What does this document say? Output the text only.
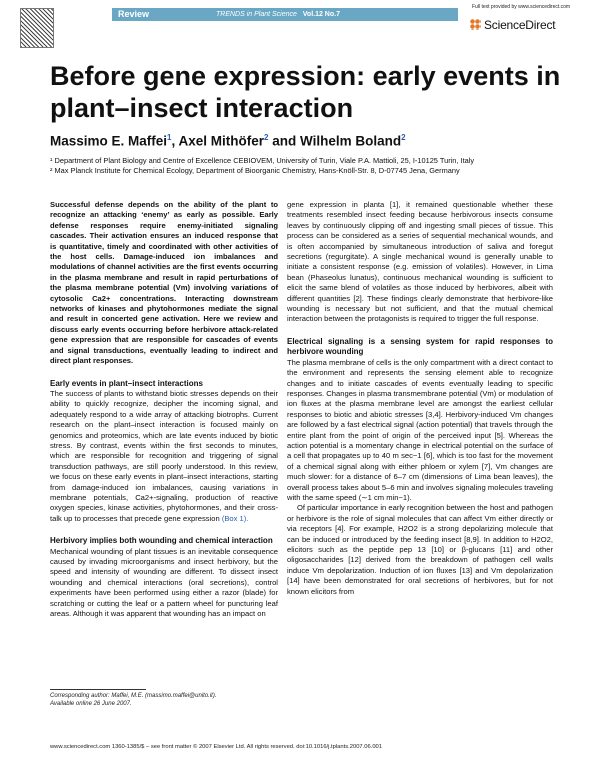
Review	TRENDS in Plant Science Vol.12 No.7
Full text provided by www.sciencedirect.com
ScienceDirect
Before gene expression: early events in
plant–insect interaction
Massimo E. Maffei$^1$, Axel Mithöfer$^2$ and Wilhelm Boland$^2$
¹ Department of Plant Biology and Centre of Excellence CEBIOVEM, University of Turin, Viale P.A. Mattioli, 25, I-10125 Turin, Italy
² Max Planck Institute for Chemical Ecology, Department of Bioorganic Chemistry, Hans-Knöll-Str. 8, D-07745 Jena, Germany

Successful defense depends on the ability of the plant to recognize an attacking ‘enemy’ as early as possible. Early defense responses require enemy-initiated signaling cascades. Their activation ensures an induced response that is quantitative, timely and coordinated with other activities of the host cells. Damage-induced ion imbalances and modulations of channel activities are the first events occurring in the plasma membrane and result in rapid perturbations of the plasma membrane potential (Vm) involving variations of cytosolic Ca2+ concentrations. Interacting downstream networks of kinases and phytohormones mediate the signal and result in concerted gene activation. Here we review and discuss early events occurring before herbivore attack-related gene expression that are responsible for cascades of events and signal transductions, eventually leading to indirect and direct plant responses.

Early events in plant–insect interactions

The success of plants to withstand biotic stresses depends on their ability to quickly recognize, decipher the incoming signal, and adequately respond to a wide array of attacking biotrophs. Current research on the plant–insect interaction is focused mainly on genomics and proteomics, which are late events induced by biotic stress. By contrast, events within the first seconds to minutes, which are responsible for recognition and triggering of signal transduction pathways, are still poorly understood. In this review, we focus on these early events in plant–insect interactions, starting from damage-induced ion imbalances, causing variations in membrane potentials, Ca2+-signaling, production of reactive oxygen species, kinase activities, phytohormones, and their cross-talk up to processes that precede gene expression (Box 1).

Herbivory implies both wounding and chemical interaction

Mechanical wounding of plant tissues is an inevitable consequence caused by invading microorganisms and insect herbivory, but the speed and intensity of wounding are different. To dissect insect wounding and chemical interactions (oral secretions), control experiments have been performed using either a razor (blade) for scratching or cutting the leaf or a pattern wheel for puncturing leaf areas. Although it was apparent that wounding has an impact on

gene expression in planta [1], it remained questionable whether these treatments resembled insect feeding because herbivorous insects consume leaves by continuously clipping off and ingesting small pieces of tissue. This process can be considered as a series of sequential mechanical wounds, and is often accompanied by simultaneous introduction of saliva and foregut secretions (regurgitate). A single mechanical wound is generally unable to initiate a consistent response (e.g. emission of volatiles). However, in Lima bean (Phaseolus lunatus), continuous mechanical wounding is sufficient to elicit the same blend of volatiles as those induced by herbivores, albeit with different quantities [2]. These findings clearly demonstrate that herbivore-like wounding is necessary but not sufficient, and that the mutual chemical interaction between the protagonists is required to trigger the full response.

Electrical signaling is a sensing system for rapid responses to herbivore wounding

The plasma membrane of cells is the only compartment with a direct contact to the environment and represents the sensing element able to recognize changes and to initiate cascades of events eventually leading to specific responses. Changes in plasma transmembrane potential (Vm) or modulation of ion fluxes at the plasma membrane level are amongst the earliest cellular responses to biotic and abiotic stresses [3,4]. Herbivory-induced Vm changes are followed by a fast electrical signal (action potential) that travels through the entire plant from the point of origin of the perceived input [5]. Whereas the action potential is a momentary change in electrical potential on the surface of a cell that propagates up to 40 m sec−1 [6], which is too fast for the movement of a chemical signal along with either phloem or xylem [7], Vm changes are much slower: for a distance of 6–7 cm (dimensions of Lima bean leaves), the overall process takes about 5–6 min and involves signaling molecules traveling with the same speed (∼1 cm min−1).

Of particular importance in early recognition between the host and pathogen or herbivore is the role of signal molecules that can affect Vm either directly or via receptors [4]. For example, H2O2 is a strong depolarizing molecule that can be induced or introduced by the feeding insect [8,9]. In addition to H2O2, elicitors such as the peptide pep 13 [10] or β-glucans [11] and other oligosaccharides [12] derived from the breakdown of pathogen cell walls induce Vm depolarization. Induction of ion fluxes [13] and Vm depolarization [14] have been demonstrated for oral secretions of herbivores, but for not known elicitors from

Corresponding author: Maffei, M.E. (massimo.maffei@unito.it).
Available online 26 June 2007.
www.sciencedirect.com 1360-1385/$ – see front matter © 2007 Elsevier Ltd. All rights reserved. doi:10.1016/j.tplants.2007.06.001
